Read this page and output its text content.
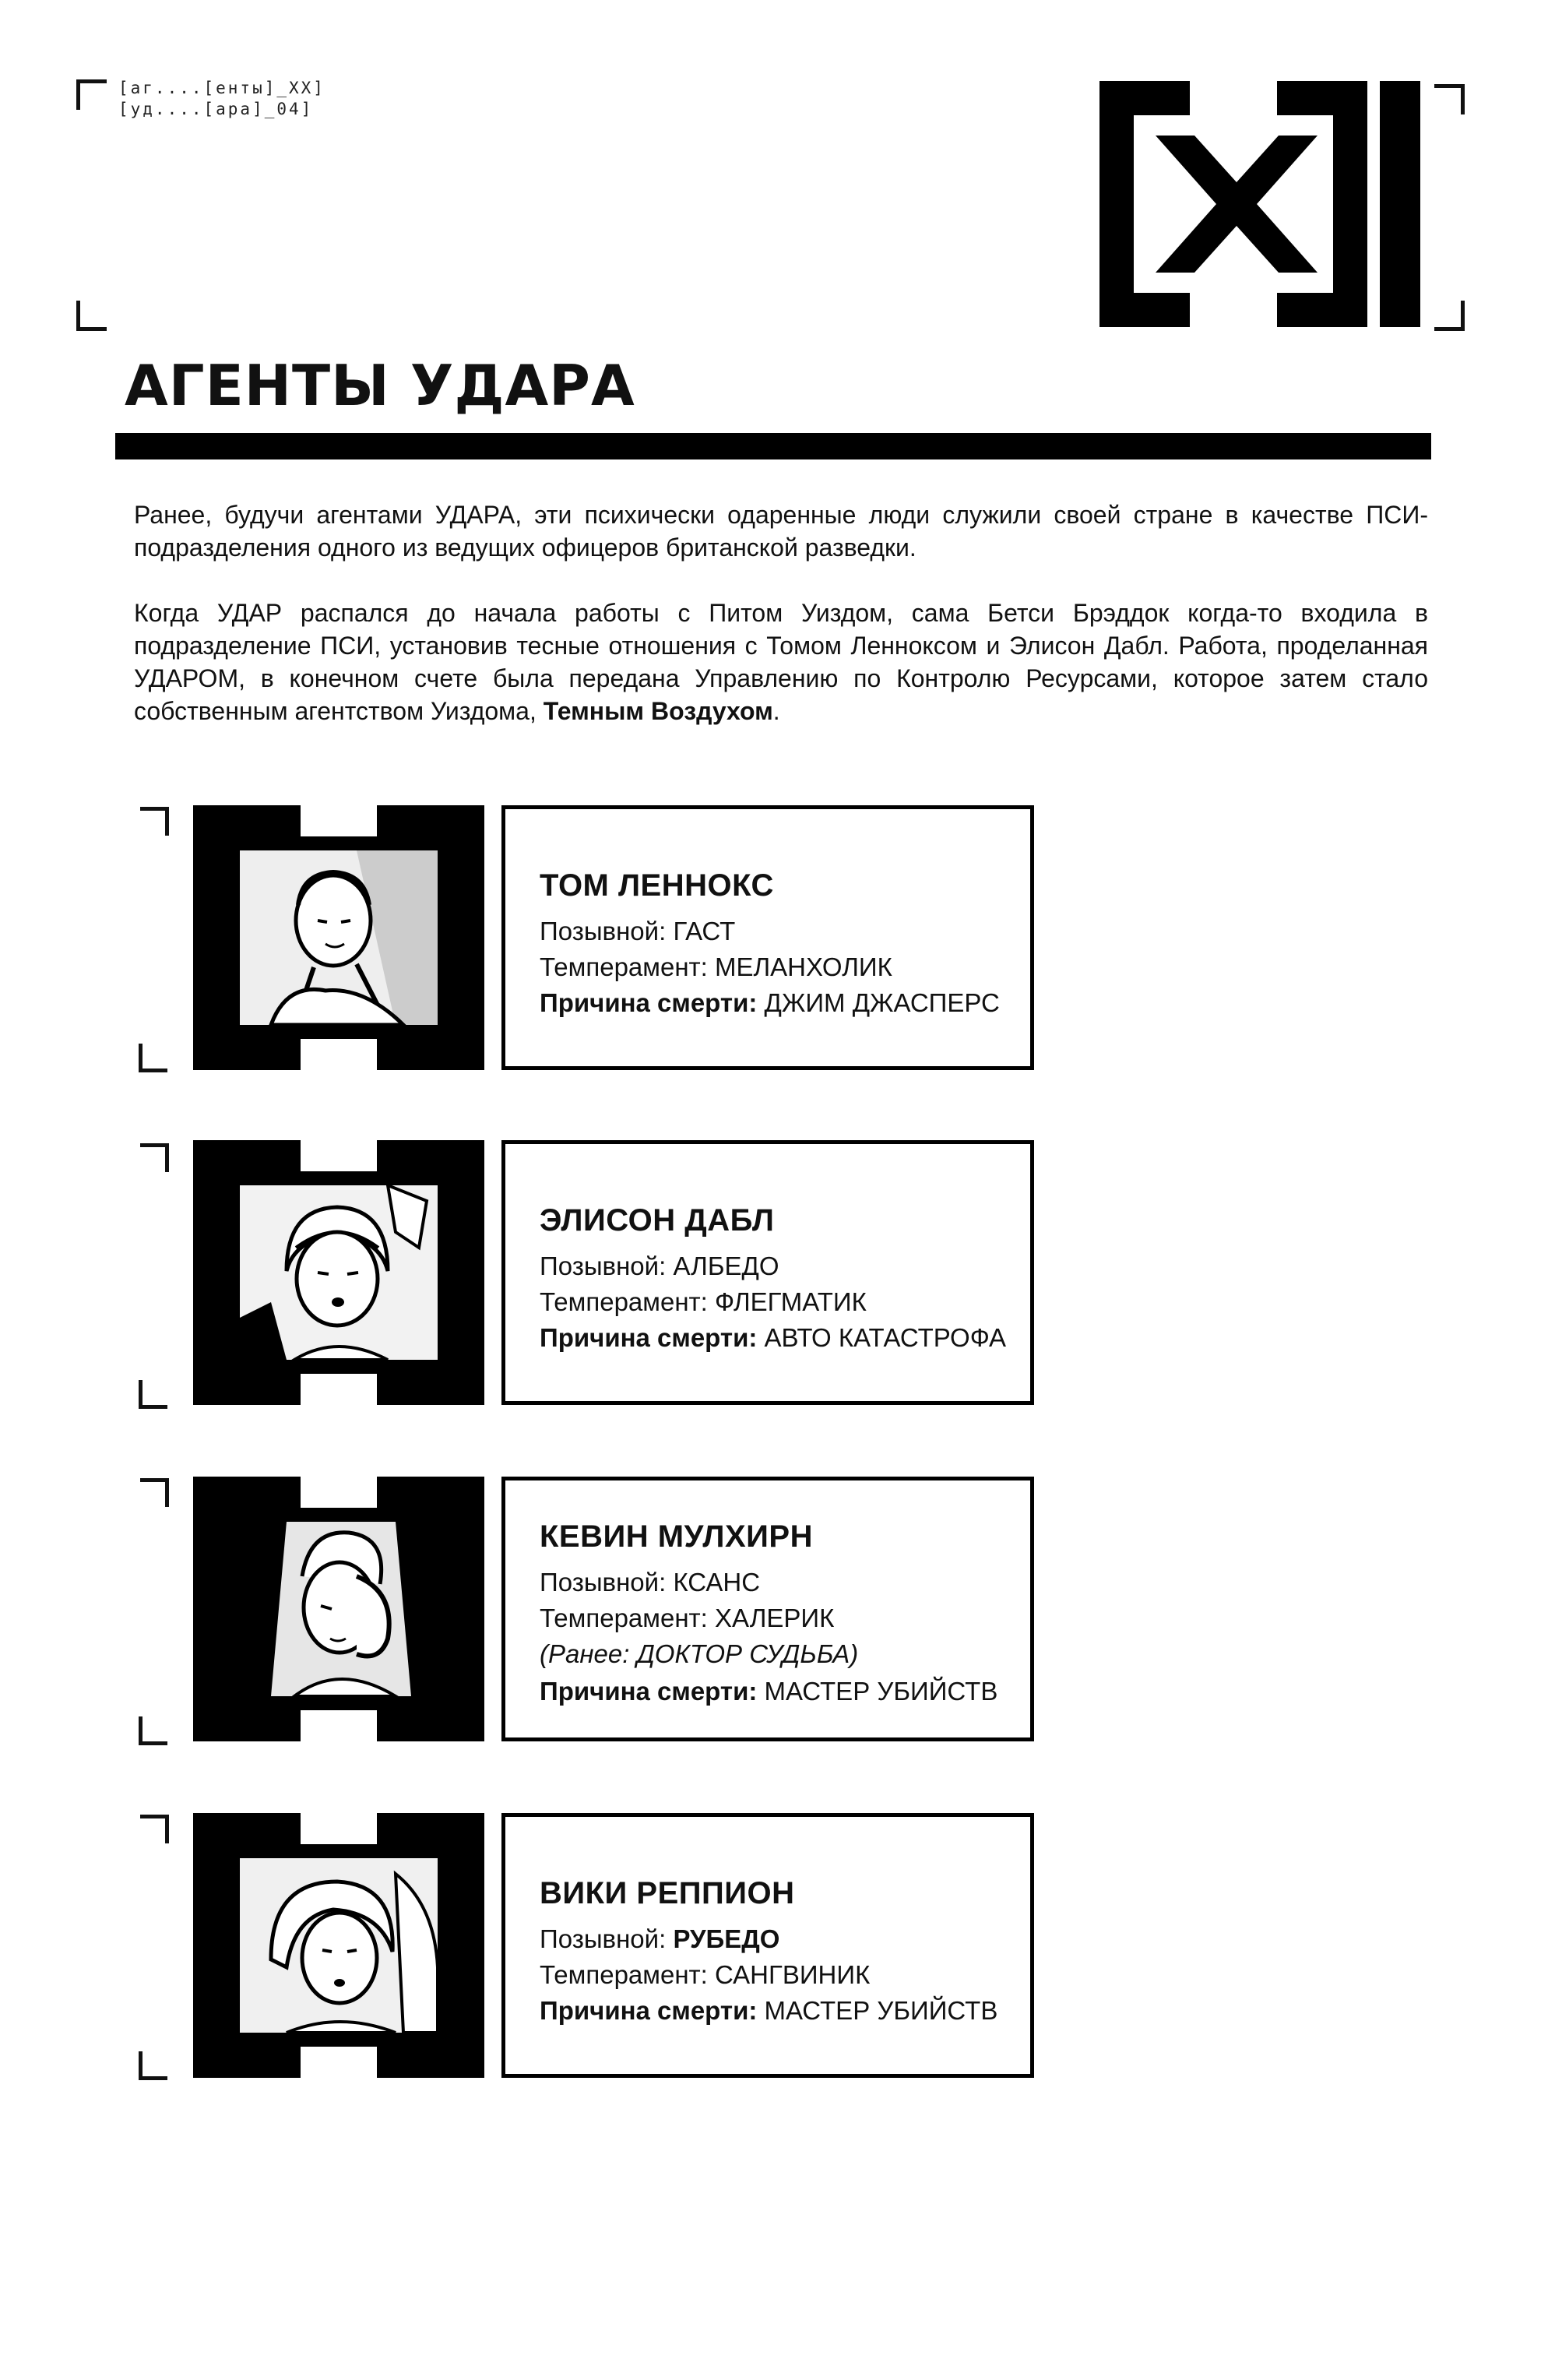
[аг....[енты]_XX]
[уд....[ара]_04]
АГЕНТЫ УДАРА
Ранее, будучи агентами УДАРА, эти психически одаренные люди служили своей стране в качестве ПСИ-подразделения одного из ведущих офицеров британской разведки.
Когда УДАР распался до начала работы с Питом Уиздом, сама Бетси Брэддок когда-то входила в подразделение ПСИ, установив тесные отношения с Томом Ленноксом и Элисон Дабл. Работа, проделанная УДАРОМ, в конечном счете была передана Управлению по Контролю Ресурсами, которое затем стало собственным агентством Уиздома, Темным Воздухом.
ТОМ ЛЕННОКС
Позывной: ГАСТ
Темперамент: МЕЛАНХОЛИК
Причина смерти: ДЖИМ ДЖАСПЕРС
ЭЛИСОН ДАБЛ
Позывной: АЛБЕДО
Темперамент: ФЛЕГМАТИК
Причина смерти: АВТО КАТАСТРОФА
КЕВИН МУЛХИРН
Позывной: КСАНС
Темперамент: ХАЛЕРИК
(Ранее: ДОКТОР СУДЬБА)
Причина смерти: МАСТЕР УБИЙСТВ
ВИКИ РЕППИОН
Позывной: РУБЕДО
Темперамент: САНГВИНИК
Причина смерти: МАСТЕР УБИЙСТВ
